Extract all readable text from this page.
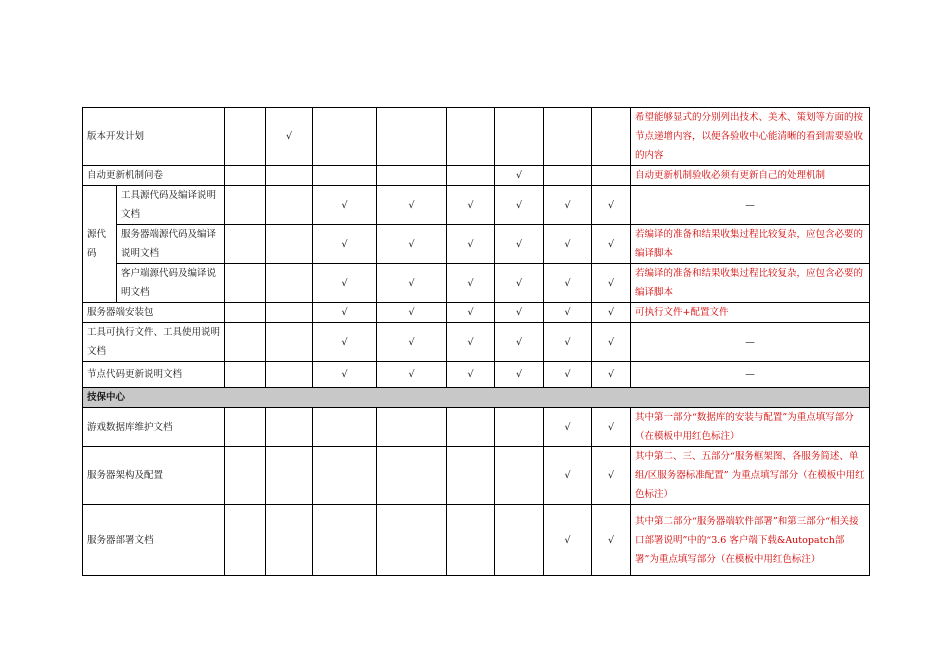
版本开发计划			√							希望能够显式的分别列出技术、美术、策划等方面的按节点递增内容，以便各验收中心能清晰的看到需要验收的内容
自动更新机制问卷							√			自动更新机制验收必须有更新自己的处理机制
源代码	工具源代码及编译说明文档			√	√	√	√	√	√	—
	服务器端源代码及编译说明文档			√	√	√	√	√	√	若编译的准备和结果收集过程比较复杂，应包含必要的编译脚本
	客户端源代码及编译说明文档			√	√	√	√	√	√	若编译的准备和结果收集过程比较复杂，应包含必要的编译脚本
服务器端安装包				√	√	√	√	√	√	可执行文件+配置文件
工具可执行文件、工具使用说明文档				√	√	√	√	√	√	—
节点代码更新说明文档				√	√	√	√	√	√	—
技保中心										
游戏数据库维护文档								√	√	其中第一部分“数据库的安装与配置”为重点填写部分（在模板中用红色标注）
服务器架构及配置								√	√	其中第二、三、五部分“服务框架图、各服务简述、单组/区服务器标准配置” 为重点填写部分（在模板中用红色标注）
服务器部署文档								√	√	其中第二部分“服务器端软件部署”和第三部分“相关接口部署说明”中的“3.6 客户端下载&Autopatch部署”为重点填写部分（在模板中用红色标注）
